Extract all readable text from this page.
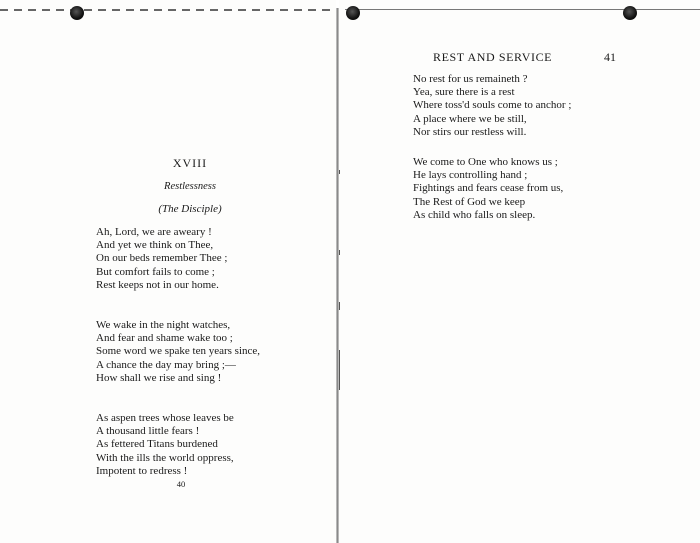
XVIII
Restlessness
(The Disciple)
Ah, Lord, we are aweary !
And yet we think on Thee,
On our beds remember Thee ;
But comfort fails to come ;
Rest keeps not in our home.
We wake in the night watches,
And fear and shame wake too ;
Some word we spake ten years since,
A chance the day may bring ;—
How shall we rise and sing !
As aspen trees whose leaves be
A thousand little fears !
As fettered Titans burdened
With the ills the world oppress,
Impotent to redress !
40
REST AND SERVICE	41
No rest for us remaineth ?
Yea, sure there is a rest
Where toss'd souls come to anchor ;
A place where we be still,
Nor stirs our restless will.
We come to One who knows us ;
He lays controlling hand ;
Fightings and fears cease from us,
The Rest of God we keep
As child who falls on sleep.
